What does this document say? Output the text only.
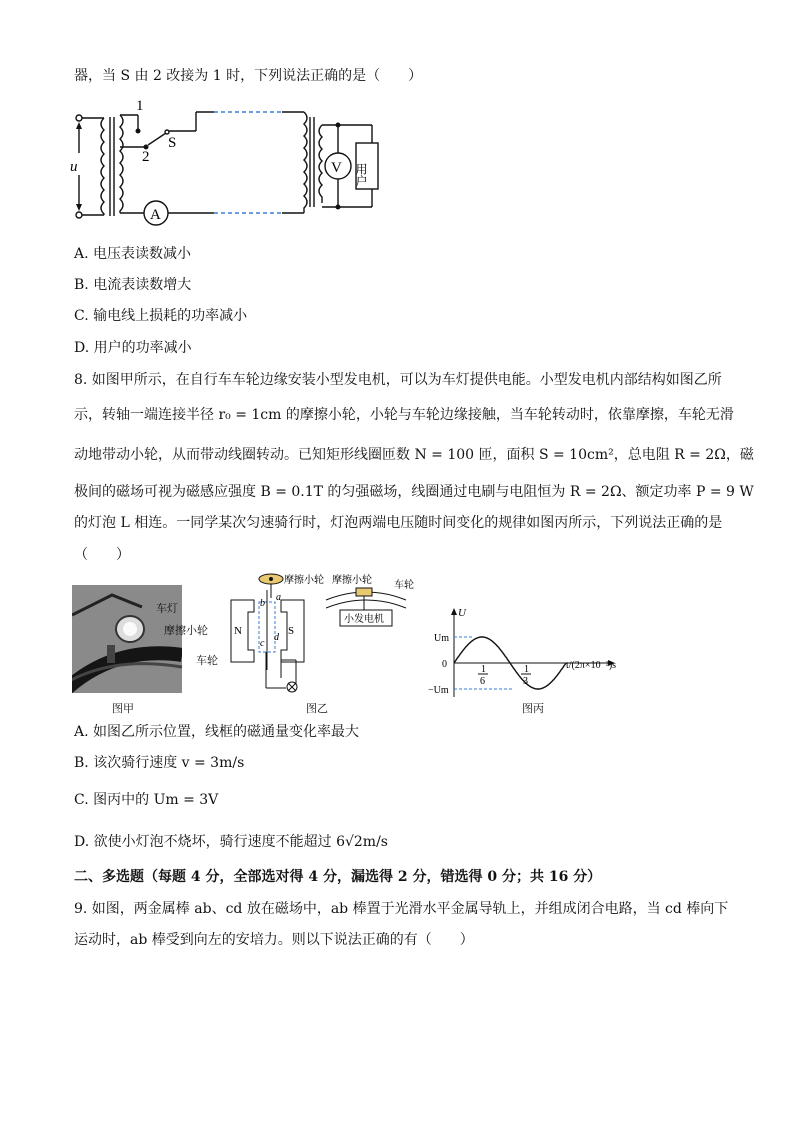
器，当 S 由 2 改接为 1 时，下列说法正确的是（　　）
1
2
S
u
A
V 用户
A. 电压表读数减小
B. 电流表读数增大
C. 输电线上损耗的功率减小
D. 用户的功率减小
8. 如图甲所示，在自行车车轮边缘安装小型发电机，可以为车灯提供电能。小型发电机内部结构如图乙所
示，转轴一端连接半径 r₀ = 1cm 的摩擦小轮，小轮与车轮边缘接触，当车轮转动时，依靠摩擦，车轮无滑
动地带动小轮，从而带动线圈转动。已知矩形线圈匝数 N = 100 匝，面积 S = 10cm²，总电阻 R = 2Ω，磁
极间的磁场可视为磁感应强度 B = 0.1T 的匀强磁场，线圈通过电刷与电阻恒为 R = 2Ω、额定功率 P = 9 W
的灯泡 L 相连。一同学某次匀速骑行时，灯泡两端电压随时间变化的规律如图丙所示，下列说法正确的是
（　　）
车灯
摩擦小轮
车轮
图甲
N	S
b
a
c
d
摩擦小轮 摩擦小轮 车轮
小发电机
图乙
U
Um
0
−Um
1
6
1
3
t/(2π×10⁻²)s
图丙
A. 如图乙所示位置，线框的磁通量变化率最大
B. 该次骑行速度 v = 3m/s
C. 图丙中的 Um = 3V
D. 欲使小灯泡不烧坏，骑行速度不能超过 6√2m/s
二、多选题（每题 4 分，全部选对得 4 分，漏选得 2 分，错选得 0 分；共 16 分）
9. 如图，两金属棒 ab、cd 放在磁场中，ab 棒置于光滑水平金属导轨上，并组成闭合电路，当 cd 棒向下
运动时，ab 棒受到向左的安培力。则以下说法正确的有（　　）
